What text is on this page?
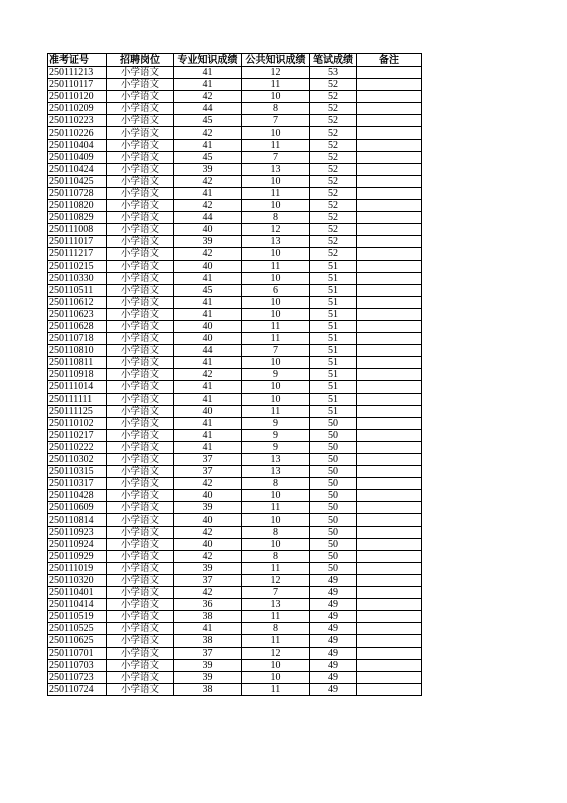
准考证号	招聘岗位	专业知识成绩	公共知识成绩	笔试成绩	备注
250111213	小学语文	41	12	53	
250110117	小学语文	41	11	52	
250110120	小学语文	42	10	52	
250110209	小学语文	44	8	52	
250110223	小学语文	45	7	52	
250110226	小学语文	42	10	52	
250110404	小学语文	41	11	52	
250110409	小学语文	45	7	52	
250110424	小学语文	39	13	52	
250110425	小学语文	42	10	52	
250110728	小学语文	41	11	52	
250110820	小学语文	42	10	52	
250110829	小学语文	44	8	52	
250111008	小学语文	40	12	52	
250111017	小学语文	39	13	52	
250111217	小学语文	42	10	52	
250110215	小学语文	40	11	51	
250110330	小学语文	41	10	51	
250110511	小学语文	45	6	51	
250110612	小学语文	41	10	51	
250110623	小学语文	41	10	51	
250110628	小学语文	40	11	51	
250110718	小学语文	40	11	51	
250110810	小学语文	44	7	51	
250110811	小学语文	41	10	51	
250110918	小学语文	42	9	51	
250111014	小学语文	41	10	51	
250111111	小学语文	41	10	51	
250111125	小学语文	40	11	51	
250110102	小学语文	41	9	50	
250110217	小学语文	41	9	50	
250110222	小学语文	41	9	50	
250110302	小学语文	37	13	50	
250110315	小学语文	37	13	50	
250110317	小学语文	42	8	50	
250110428	小学语文	40	10	50	
250110609	小学语文	39	11	50	
250110814	小学语文	40	10	50	
250110923	小学语文	42	8	50	
250110924	小学语文	40	10	50	
250110929	小学语文	42	8	50	
250111019	小学语文	39	11	50	
250110320	小学语文	37	12	49	
250110401	小学语文	42	7	49	
250110414	小学语文	36	13	49	
250110519	小学语文	38	11	49	
250110525	小学语文	41	8	49	
250110625	小学语文	38	11	49	
250110701	小学语文	37	12	49	
250110703	小学语文	39	10	49	
250110723	小学语文	39	10	49	
250110724	小学语文	38	11	49	
